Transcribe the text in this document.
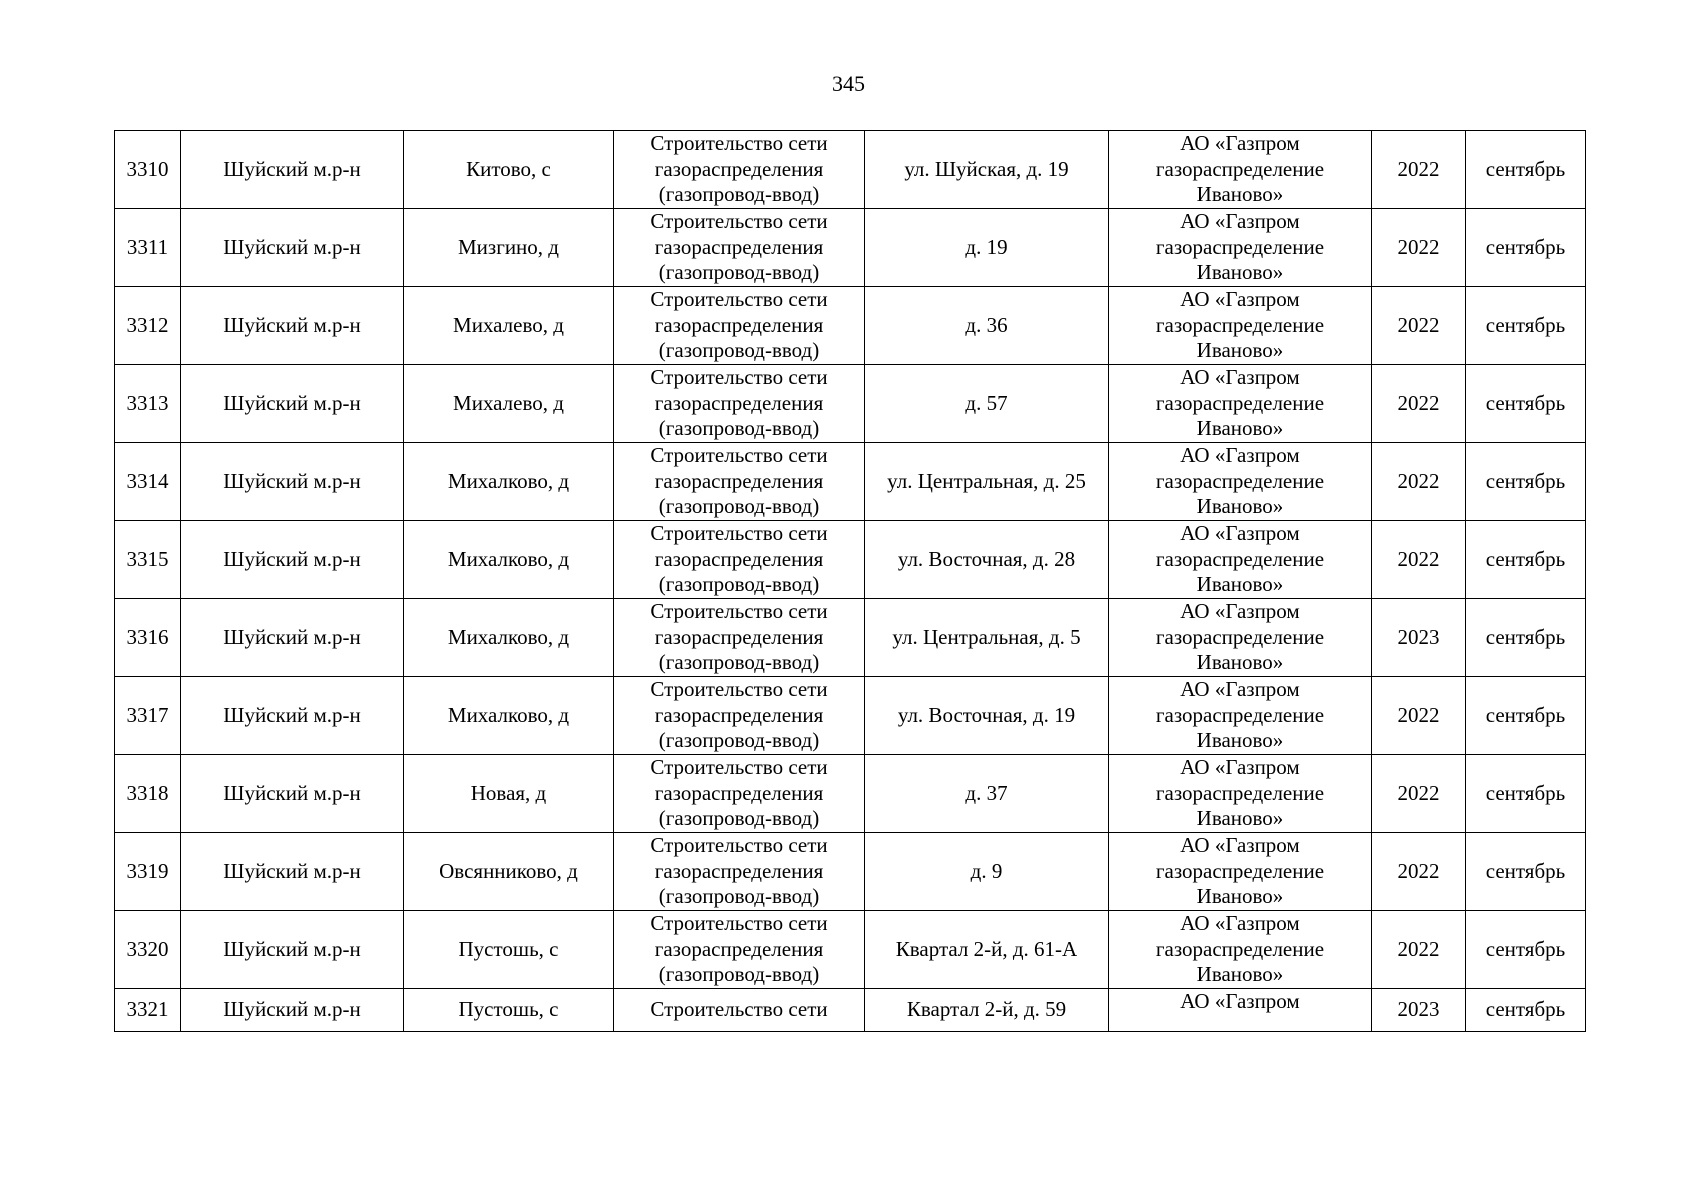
345
3310	Шуйский м.р-н	Китово, с	Строительство сети
газораспределения
(газопровод-ввод)	ул. Шуйская, д. 19	АО «Газпром
газораспределение
Иваново»	2022	сентябрь
3311	Шуйский м.р-н	Мизгино, д	Строительство сети
газораспределения
(газопровод-ввод)	д. 19	АО «Газпром
газораспределение
Иваново»	2022	сентябрь
3312	Шуйский м.р-н	Михалево, д	Строительство сети
газораспределения
(газопровод-ввод)	д. 36	АО «Газпром
газораспределение
Иваново»	2022	сентябрь
3313	Шуйский м.р-н	Михалево, д	Строительство сети
газораспределения
(газопровод-ввод)	д. 57	АО «Газпром
газораспределение
Иваново»	2022	сентябрь
3314	Шуйский м.р-н	Михалково, д	Строительство сети
газораспределения
(газопровод-ввод)	ул. Центральная, д. 25	АО «Газпром
газораспределение
Иваново»	2022	сентябрь
3315	Шуйский м.р-н	Михалково, д	Строительство сети
газораспределения
(газопровод-ввод)	ул. Восточная, д. 28	АО «Газпром
газораспределение
Иваново»	2022	сентябрь
3316	Шуйский м.р-н	Михалково, д	Строительство сети
газораспределения
(газопровод-ввод)	ул. Центральная, д. 5	АО «Газпром
газораспределение
Иваново»	2023	сентябрь
3317	Шуйский м.р-н	Михалково, д	Строительство сети
газораспределения
(газопровод-ввод)	ул. Восточная, д. 19	АО «Газпром
газораспределение
Иваново»	2022	сентябрь
3318	Шуйский м.р-н	Новая, д	Строительство сети
газораспределения
(газопровод-ввод)	д. 37	АО «Газпром
газораспределение
Иваново»	2022	сентябрь
3319	Шуйский м.р-н	Овсянниково, д	Строительство сети
газораспределения
(газопровод-ввод)	д. 9	АО «Газпром
газораспределение
Иваново»	2022	сентябрь
3320	Шуйский м.р-н	Пустошь, с	Строительство сети
газораспределения
(газопровод-ввод)	Квартал 2-й, д. 61-А	АО «Газпром
газораспределение
Иваново»	2022	сентябрь
3321	Шуйский м.р-н	Пустошь, с	Строительство сети	Квартал 2-й, д. 59	АО «Газпром	2023	сентябрь
